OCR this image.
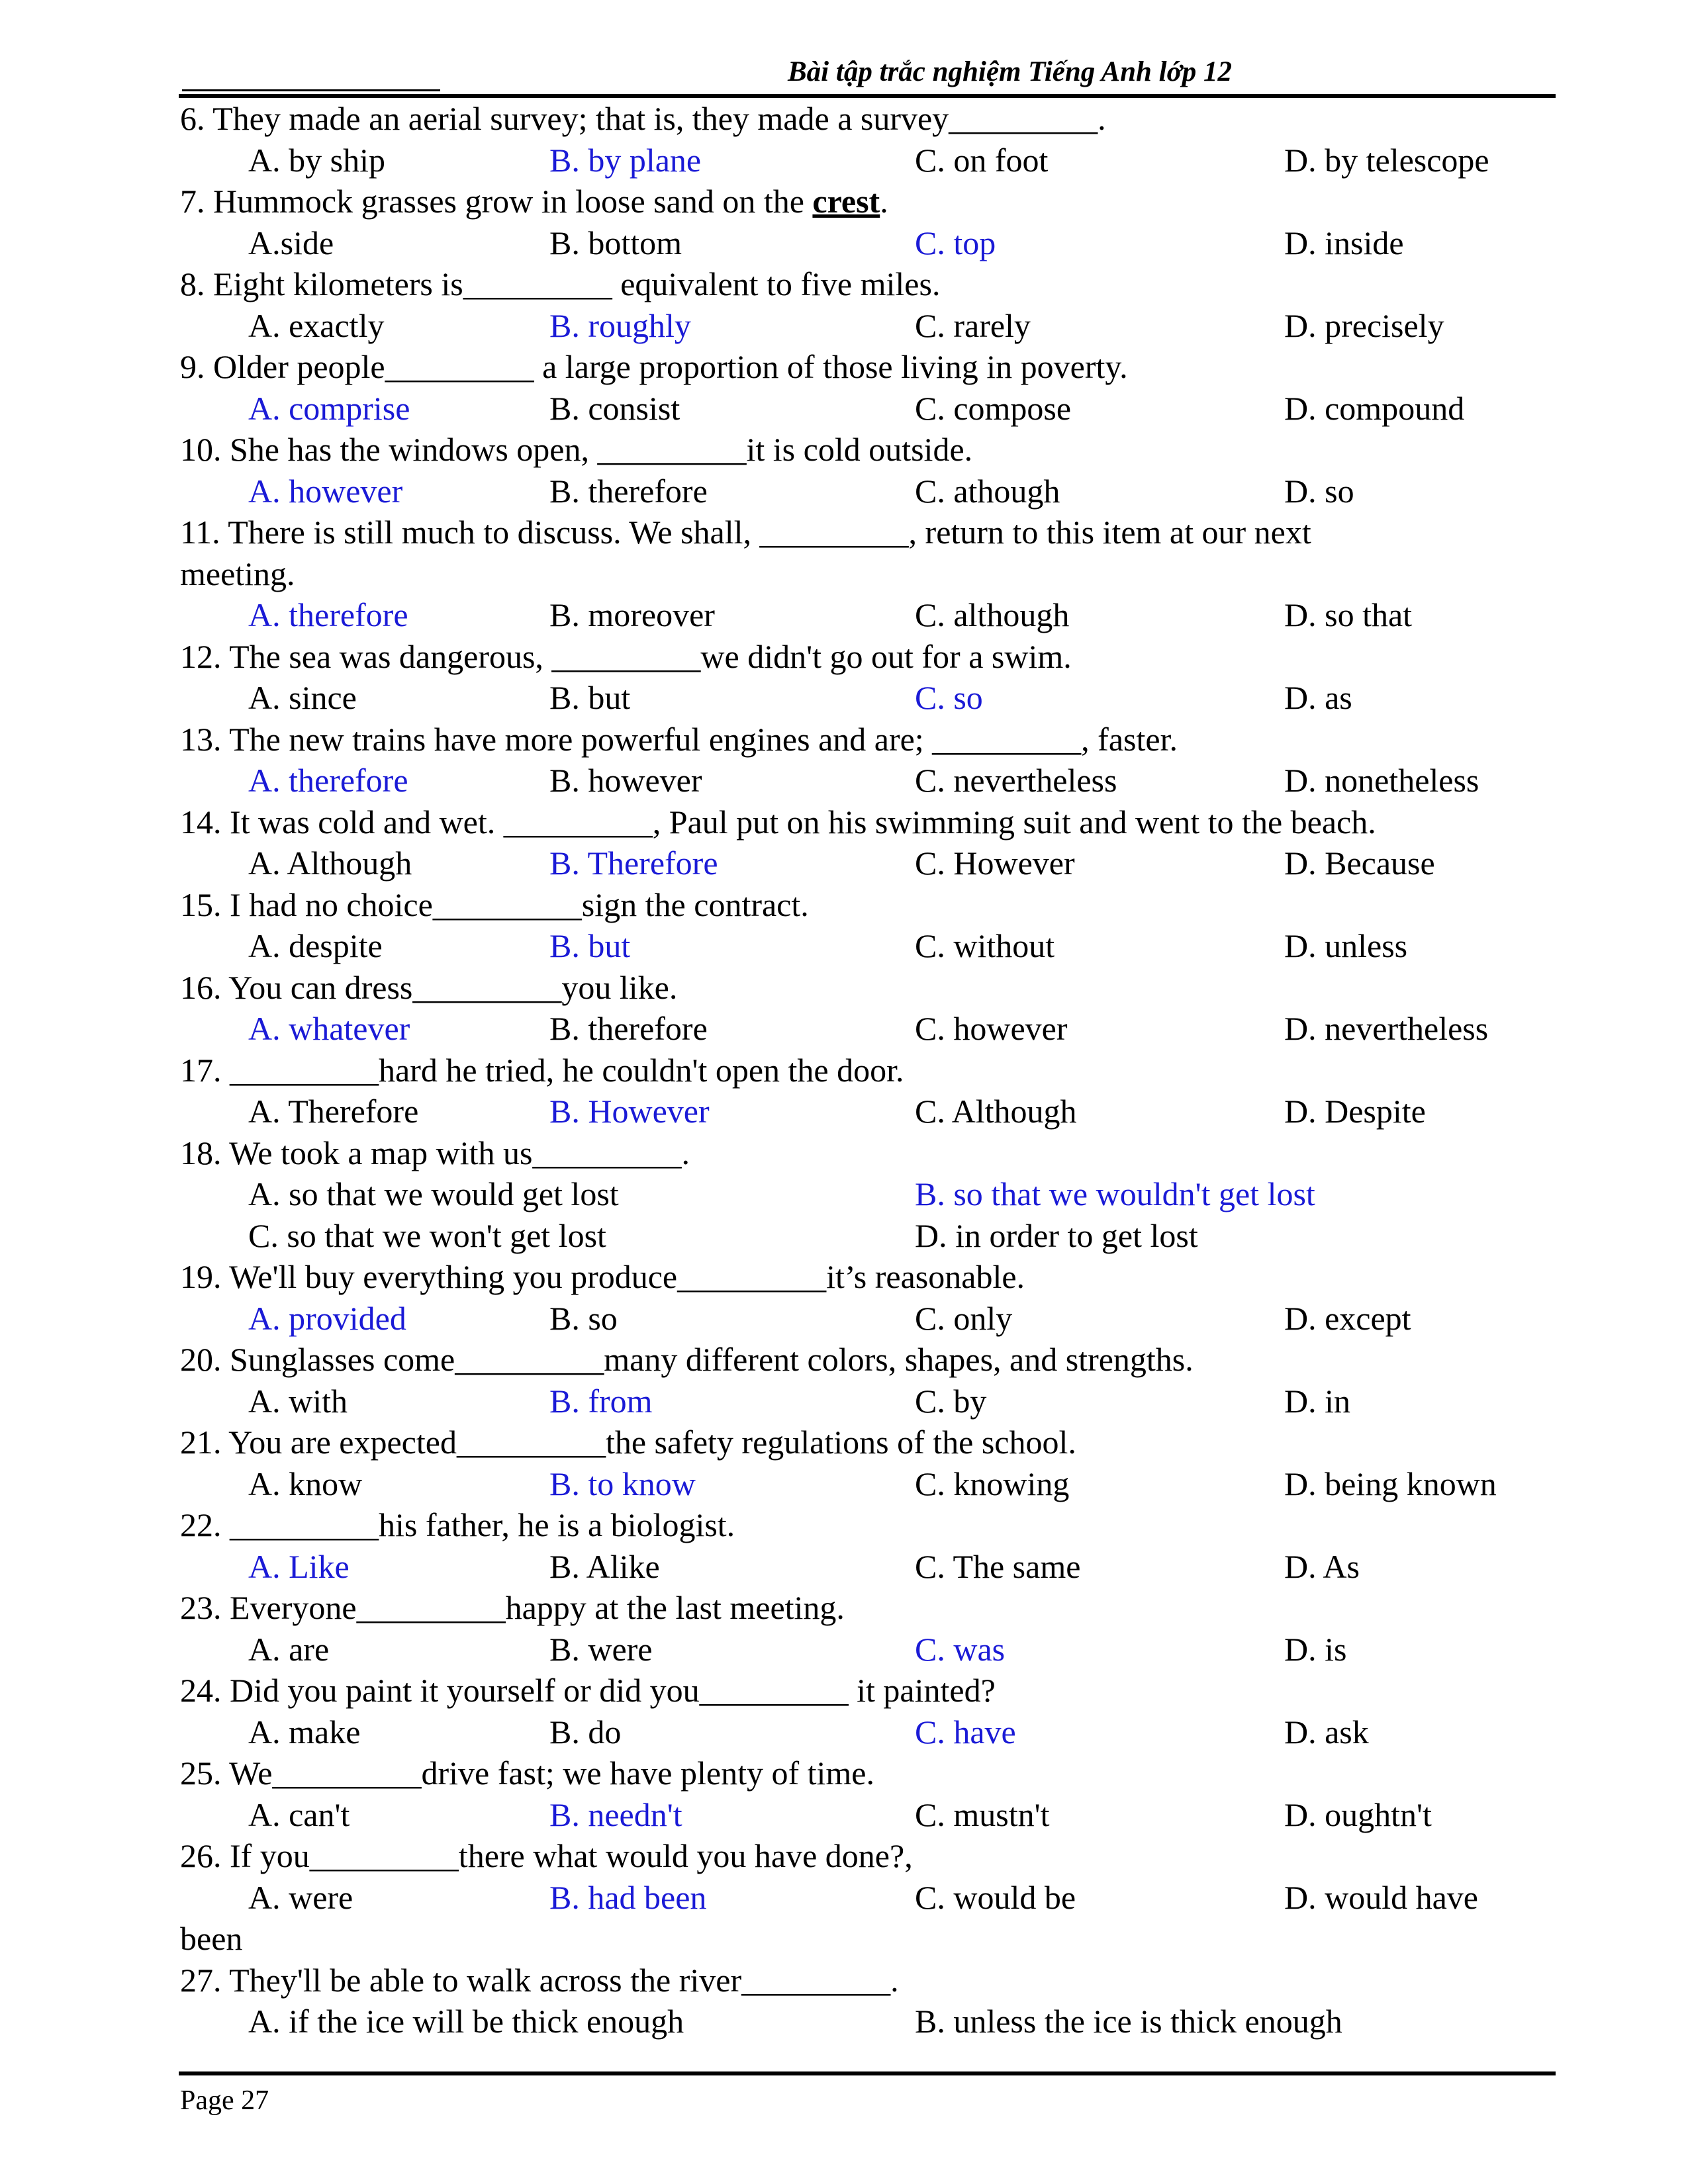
Bài tập trắc nghiệm Tiếng Anh lớp 12
6. They made an aerial survey; that is, they made a survey_________.
A. by ship	B. by plane	C. on foot	D. by telescope
7. Hummock grasses grow in loose sand on the crest.
A.side	B. bottom	C. top	D. inside
8. Eight kilometers is_________ equivalent to five miles.
A. exactly	B. roughly	C. rarely	D. precisely
9. Older people_________ a large proportion of those living in poverty.
A. comprise	B. consist	C. compose	D. compound
10. She has the windows open, _________it is cold outside.
A. however	B. therefore	C. athough	D. so
11. There is still much to discuss. We shall, _________, return to this item at our next
meeting.
A. therefore	B. moreover	C. although	D. so that
12. The sea was dangerous, _________we didn't go out for a swim.
A. since	B. but	C. so	D. as
13. The new trains have more powerful engines and are; _________, faster.
A. therefore	B. however	C. nevertheless	D. nonetheless
14. It was cold and wet. _________, Paul put on his swimming suit and went to the beach.
A. Although	B. Therefore	C. However	D. Because
15. I had no choice_________sign the contract.
A. despite	B. but	C. without	D. unless
16. You can dress_________you like.
A. whatever	B. therefore	C. however	D. nevertheless
17. _________hard he tried, he couldn't open the door.
A. Therefore	B. However	C. Although	D. Despite
18. We took a map with us_________.
A. so that we would get lost	B. so that we wouldn't get lost
C. so that we won't get lost	D. in order to get lost
19. We'll buy everything you produce_________it’s reasonable.
A. provided	B. so	C. only	D. except
20. Sunglasses come_________many different colors, shapes, and strengths.
A. with	B. from	C. by	D. in
21. You are expected_________the safety regulations of the school.
A. know	B. to know	C. knowing	D. being known
22. _________his father, he is a biologist.
A. Like	B. Alike	C. The same	D. As
23. Everyone_________happy at the last meeting.
A. are	B. were	C. was	D. is
24. Did you paint it yourself or did you_________ it painted?
A. make	B. do	C. have	D. ask
25. We_________drive fast; we have plenty of time.
A. can't	B. needn't	C. mustn't	D. oughtn't
26. If you_________there what would you have done?,
A. were	B. had been	C. would be	D. would have
been
27. They'll be able to walk across the river_________.
A. if the ice will be thick enough	B. unless the ice is thick enough
Page 27
